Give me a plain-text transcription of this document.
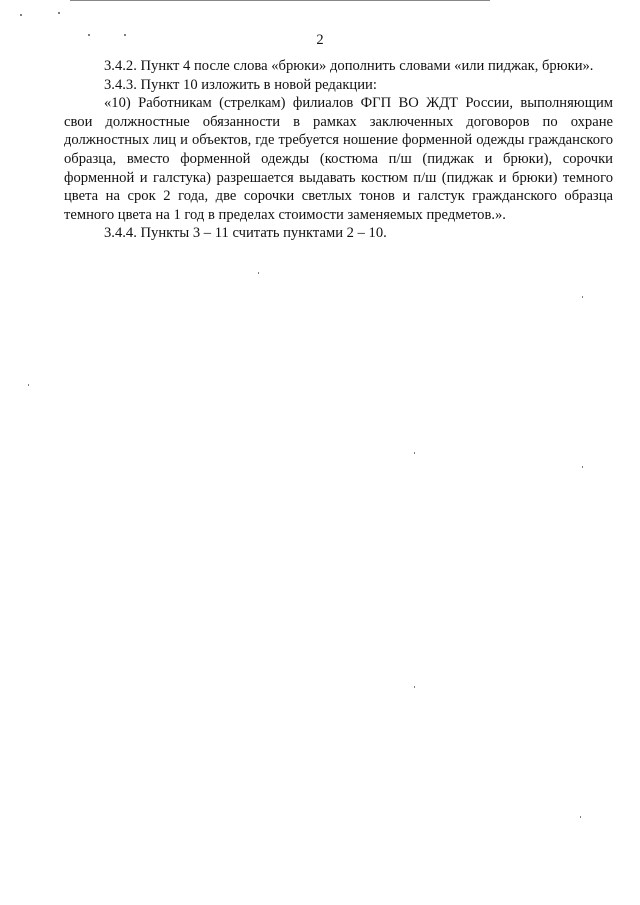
2

3.4.2. Пункт 4 после слова «брюки» дополнить словами «или пиджак, брюки».

3.4.3. Пункт 10 изложить в новой редакции:

«10) Работникам (стрелкам) филиалов ФГП ВО ЖДТ России, выполняющим свои должностные обязанности в рамках заключенных договоров по охране должностных лиц и объектов, где требуется ношение форменной одежды гражданского образца, вместо форменной одежды (костюма п/ш (пиджак и брюки), сорочки форменной и галстука) разрешается выдавать костюм п/ш (пиджак и брюки) темного цвета на срок 2 года, две сорочки светлых тонов и галстук гражданского образца темного цвета на 1 год в пределах стоимости заменяемых предметов.».

3.4.4. Пункты 3 – 11 считать пунктами 2 – 10.
